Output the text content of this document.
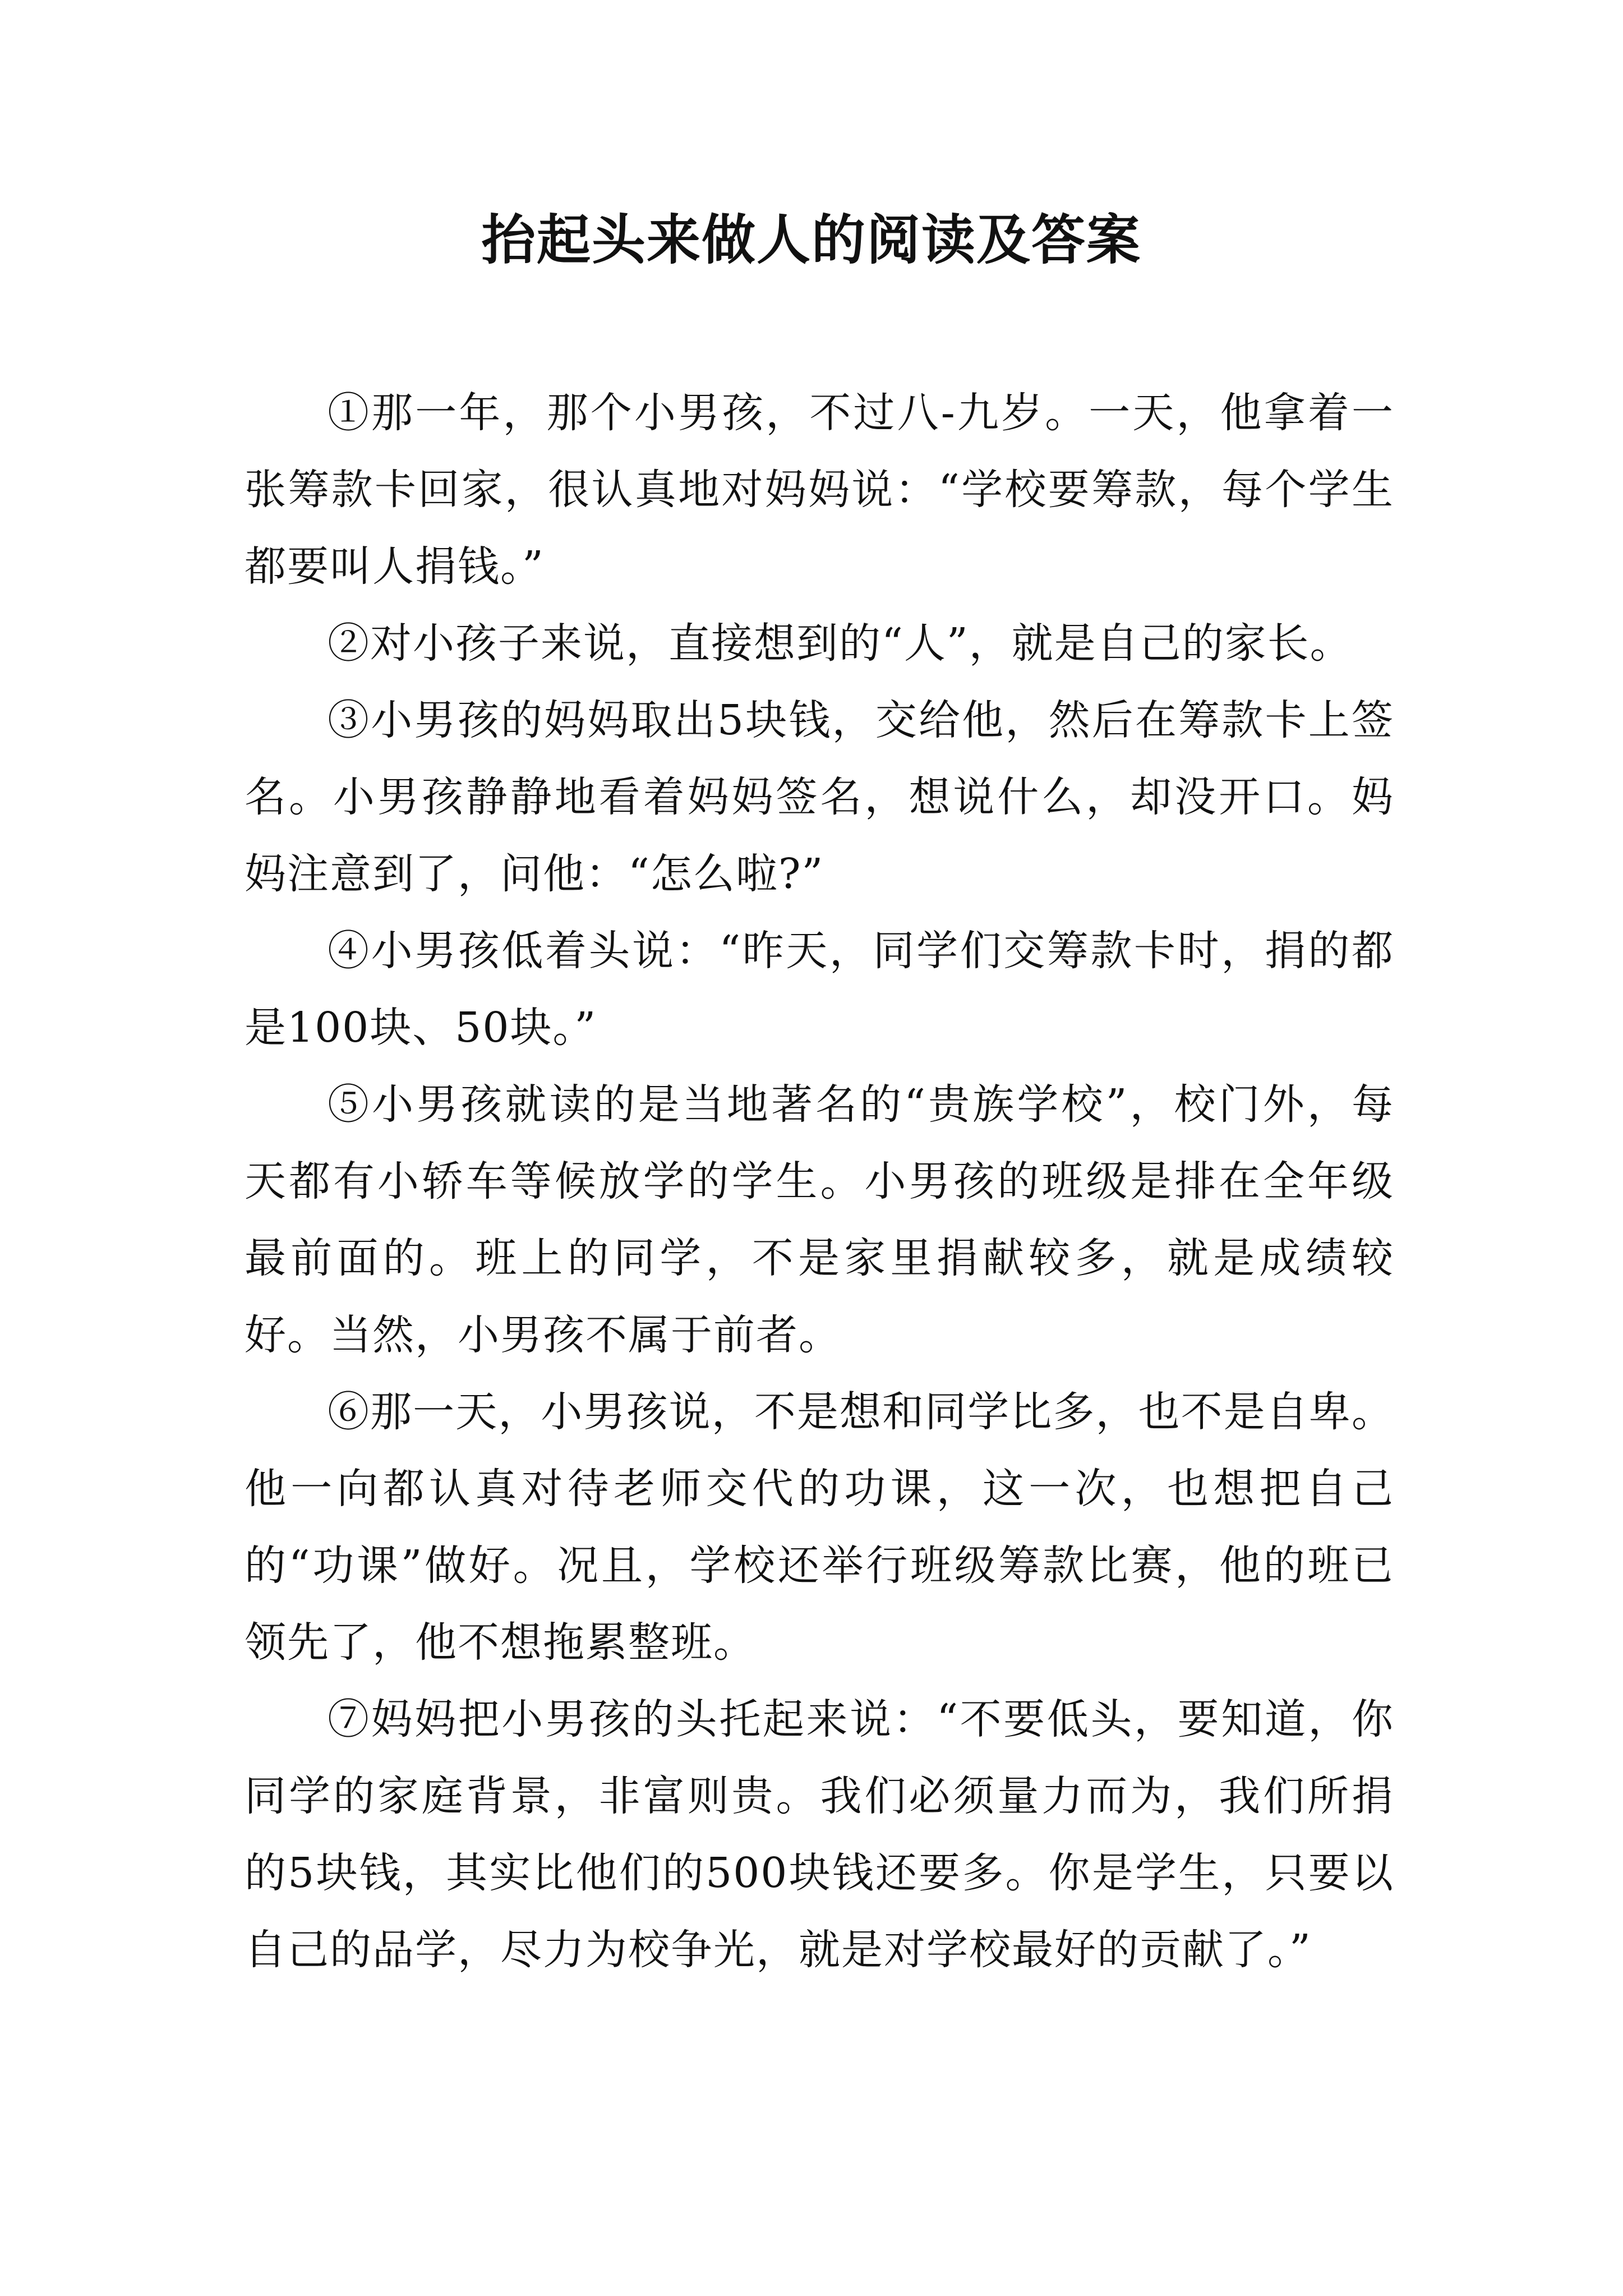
抬起头来做人的阅读及答案

①那一年，那个小男孩，不过八-九岁。一天，他拿着一张筹款卡回家，很认真地对妈妈说：“学校要筹款，每个学生都要叫人捐钱。”

②对小孩子来说，直接想到的“人”，就是自己的家长。

③小男孩的妈妈取出5块钱，交给他，然后在筹款卡上签名。小男孩静静地看着妈妈签名，想说什么，却没开口。妈妈注意到了，问他：“怎么啦?”

④小男孩低着头说：“昨天，同学们交筹款卡时，捐的都是100块、50块。”

⑤小男孩就读的是当地著名的“贵族学校”，校门外，每天都有小轿车等候放学的学生。小男孩的班级是排在全年级最前面的。班上的同学，不是家里捐献较多，就是成绩较好。当然，小男孩不属于前者。

⑥那一天，小男孩说，不是想和同学比多，也不是自卑。他一向都认真对待老师交代的功课，这一次，也想把自己的“功课”做好。况且，学校还举行班级筹款比赛，他的班已领先了，他不想拖累整班。

⑦妈妈把小男孩的头托起来说：“不要低头，要知道，你同学的家庭背景，非富则贵。我们必须量力而为，我们所捐的5块钱，其实比他们的500块钱还要多。你是学生，只要以自己的品学，尽力为校争光，就是对学校最好的贡献了。”
